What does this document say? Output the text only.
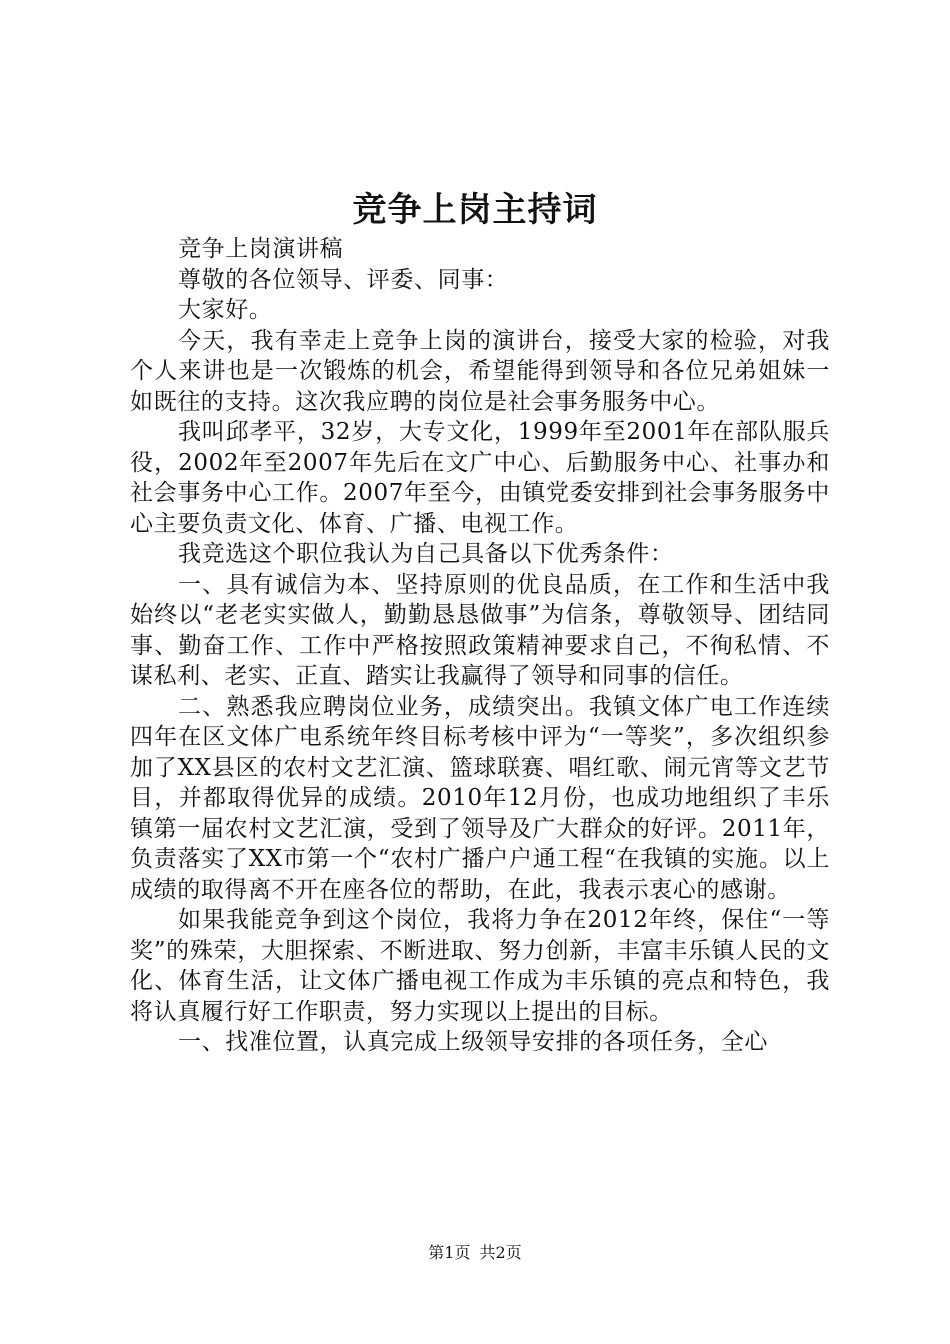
竞争上岗主持词

竞争上岗演讲稿

尊敬的各位领导、评委、同事：

大家好。

今天，我有幸走上竞争上岗的演讲台，接受大家的检验，对我个人来讲也是一次锻炼的机会，希望能得到领导和各位兄弟姐妹一如既往的支持。这次我应聘的岗位是社会事务服务中心。

我叫邱孝平，32岁，大专文化，1999年至2001年在部队服兵役，2002年至2007年先后在文广中心、后勤服务中心、社事办和社会事务中心工作。2007年至今，由镇党委安排到社会事务服务中心主要负责文化、体育、广播、电视工作。

我竞选这个职位我认为自己具备以下优秀条件：

一、具有诚信为本、坚持原则的优良品质，在工作和生活中我始终以“老老实实做人，勤勤恳恳做事”为信条，尊敬领导、团结同事、勤奋工作、工作中严格按照政策精神要求自己，不徇私情、不谋私利、老实、正直、踏实让我赢得了领导和同事的信任。

二、熟悉我应聘岗位业务，成绩突出。我镇文体广电工作连续四年在区文体广电系统年终目标考核中评为“一等奖”，多次组织参加了XX县区的农村文艺汇演、篮球联赛、唱红歌、闹元宵等文艺节目，并都取得优异的成绩。2010年12月份，也成功地组织了丰乐镇第一届农村文艺汇演，受到了领导及广大群众的好评。2011年，负责落实了XX市第一个“农村广播户户通工程“在我镇的实施。以上成绩的取得离不开在座各位的帮助，在此，我表示衷心的感谢。

如果我能竞争到这个岗位，我将力争在2012年终，保住“一等奖”的殊荣，大胆探索、不断进取、努力创新，丰富丰乐镇人民的文化、体育生活，让文体广播电视工作成为丰乐镇的亮点和特色，我将认真履行好工作职责，努力实现以上提出的目标。

一、找准位置，认真完成上级领导安排的各项任务，全心

第1页 共2页
